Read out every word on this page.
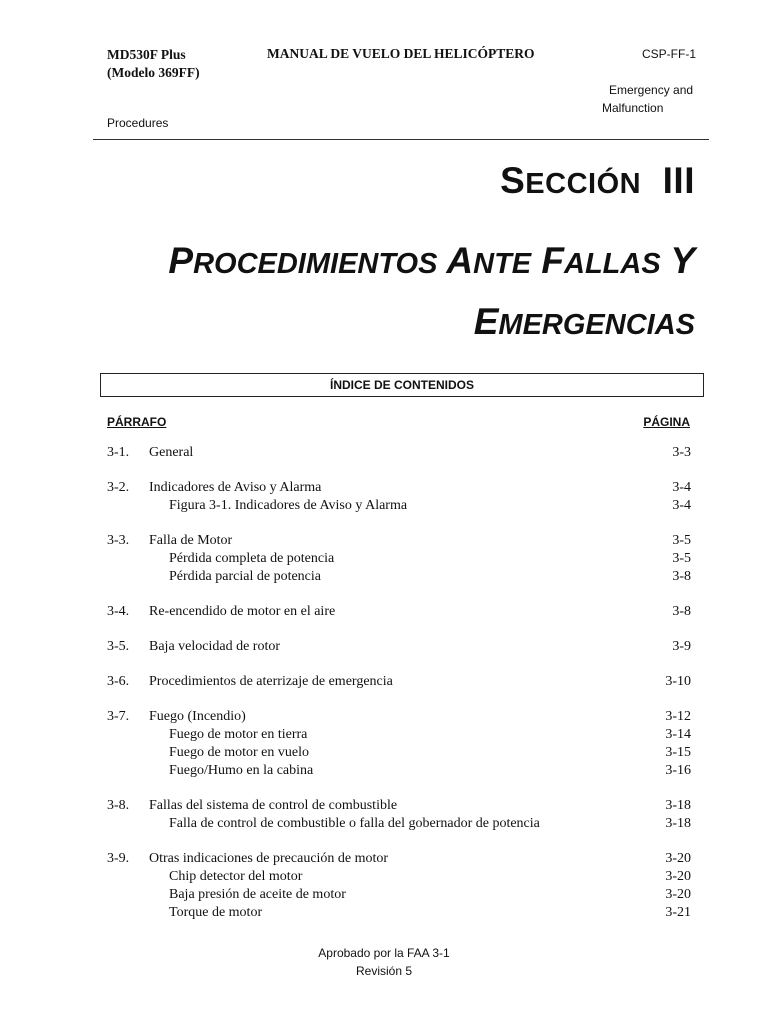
MD530F Plus
(Modelo 369FF)
MANUAL DE VUELO DEL HELICÓPTERO	CSP-FF-1
Emergency and
Malfunction
Procedures
SECCIÓN III
PROCEDIMIENTOS ANTE FALLAS Y
EMERGENCIAS
ÍNDICE DE CONTENIDOS
PÁRRAFO	PÁGINA
3-1.	General	3-3
3-2.	Indicadores de Aviso y Alarma	3-4
Figura 3-1. Indicadores de Aviso y Alarma	3-4
3-3.	Falla de Motor	3-5
Pérdida completa de potencia	3-5
Pérdida parcial de potencia	3-8
3-4.	Re-encendido de motor en el aire	3-8
3-5.	Baja velocidad de rotor	3-9
3-6.	Procedimientos de aterrizaje de emergencia	3-10
3-7.	Fuego (Incendio)	3-12
Fuego de motor en tierra	3-14
Fuego de motor en vuelo	3-15
Fuego/Humo en la cabina	3-16
3-8.	Fallas del sistema de control de combustible	3-18
Falla de control de combustible o falla del gobernador de potencia	3-18
3-9.	Otras indicaciones de precaución de motor	3-20
Chip detector del motor	3-20
Baja presión de aceite de motor	3-20
Torque de motor	3-21
Aprobado por la FAA 3-1
Revisión 5
